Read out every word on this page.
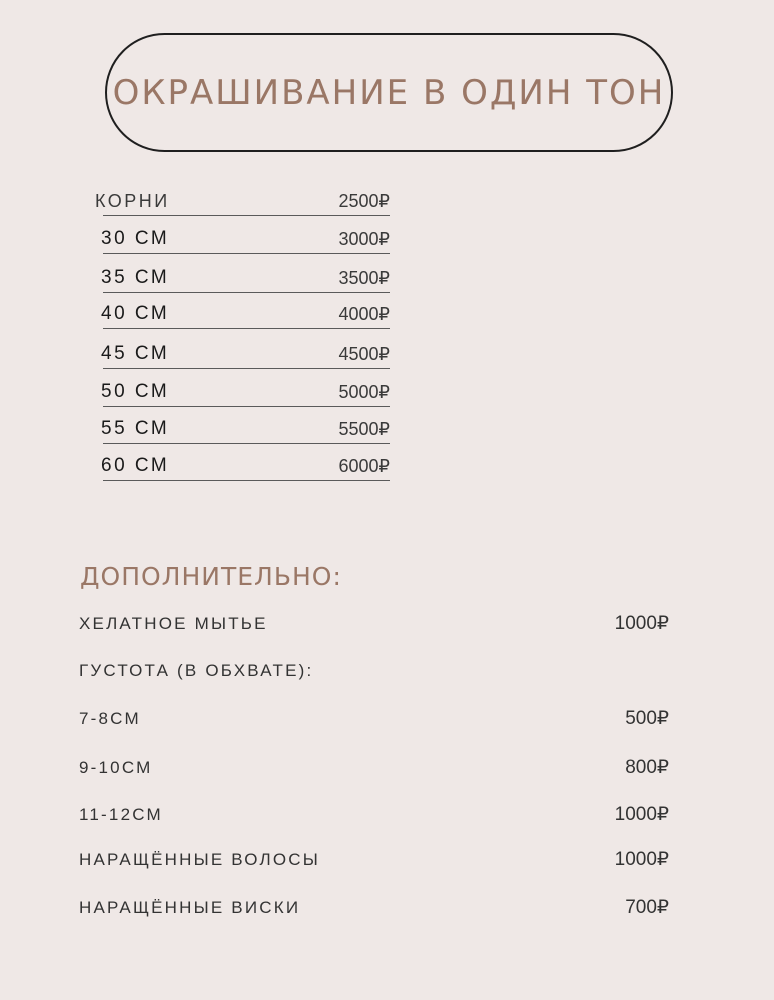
ОКРАШИВАНИЕ В ОДИН ТОН
КОРНИ	2500₽
30 СМ	3000₽
35 СМ	3500₽
40 СМ	4000₽
45 СМ	4500₽
50 СМ	5000₽
55 СМ	5500₽
60 СМ	6000₽
ДОПОЛНИТЕЛЬНО:
ХЕЛАТНОЕ МЫТЬЕ	1000₽
ГУСТОТА (В ОБХВАТЕ):
7-8СМ	500₽
9-10СМ	800₽
11-12СМ	1000₽
НАРАЩЁННЫЕ ВОЛОСЫ	1000₽
НАРАЩЁННЫЕ ВИСКИ	700₽
